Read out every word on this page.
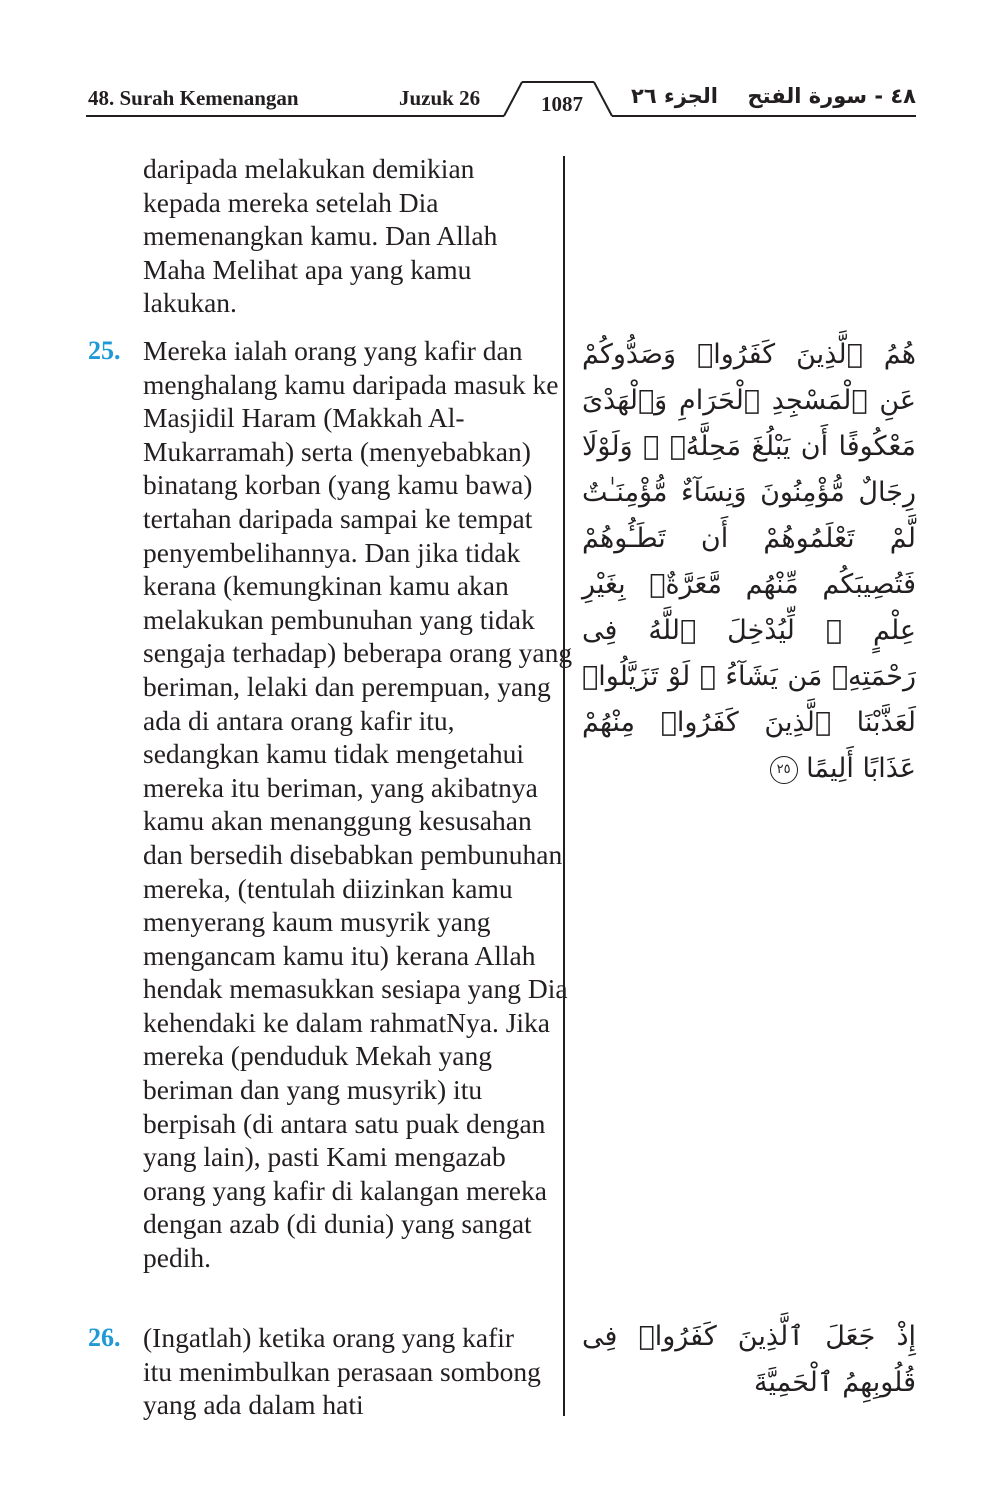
48. Surah Kemenangan	Juzuk 26	1087 الجزء ٢٦ ٤٨ - سورة الفتح

daripada melakukan demikian kepada mereka setelah Dia memenangkan kamu. Dan Allah Maha Melihat apa yang kamu lakukan.

25. Mereka ialah orang yang kafir dan menghalang kamu daripada masuk ke Masjidil Haram (Makkah Al-Mukarramah) serta (menyebabkan) binatang korban (yang kamu bawa) tertahan daripada sampai ke tempat penyembelihannya. Dan jika tidak kerana (kemungkinan kamu akan melakukan pembunuhan yang tidak sengaja terhadap) beberapa orang yang beriman, lelaki dan perempuan, yang ada di antara orang kafir itu, sedangkan kamu tidak mengetahui mereka itu beriman, yang akibatnya kamu akan menanggung kesusahan dan bersedih disebabkan pembunuhan mereka, (tentulah diizinkan kamu menyerang kaum musyrik yang mengancam kamu itu) kerana Allah hendak memasukkan sesiapa yang Dia kehendaki ke dalam rahmatNya. Jika mereka (penduduk Mekah yang beriman dan yang musyrik) itu berpisah (di antara satu puak dengan yang lain), pasti Kami mengazab orang yang kafir di kalangan mereka dengan azab (di dunia) yang sangat pedih.

هُمُ ٱلَّذِينَ كَفَرُوا۟ وَصَدُّوكُمْ عَنِ ٱلْمَسْجِدِ ٱلْحَرَامِ وَٱلْهَدْىَ مَعْكُوفًا أَن يَبْلُغَ مَحِلَّهُۥ ۚ وَلَوْلَا رِجَالٌ مُّؤْمِنُونَ وَنِسَآءٌ مُّؤْمِنَـٰتٌ لَّمْ تَعْلَمُوهُمْ أَن تَطَـُٔوهُمْ فَتُصِيبَكُم مِّنْهُم مَّعَرَّةٌۢ بِغَيْرِ عِلْمٍ ۖ لِّيُدْخِلَ ٱللَّهُ فِى رَحْمَتِهِۦ مَن يَشَآءُ ۚ لَوْ تَزَيَّلُوا۟ لَعَذَّبْنَا ٱلَّذِينَ كَفَرُوا۟ مِنْهُمْ عَذَابًا أَلِيمًا ٢٥
26. (Ingatlah) ketika orang yang kafir itu menimbulkan perasaan sombong yang ada dalam hati

إِذْ جَعَلَ ٱلَّذِينَ كَفَرُوا۟ فِى قُلُوبِهِمُ ٱلْحَمِيَّةَ
